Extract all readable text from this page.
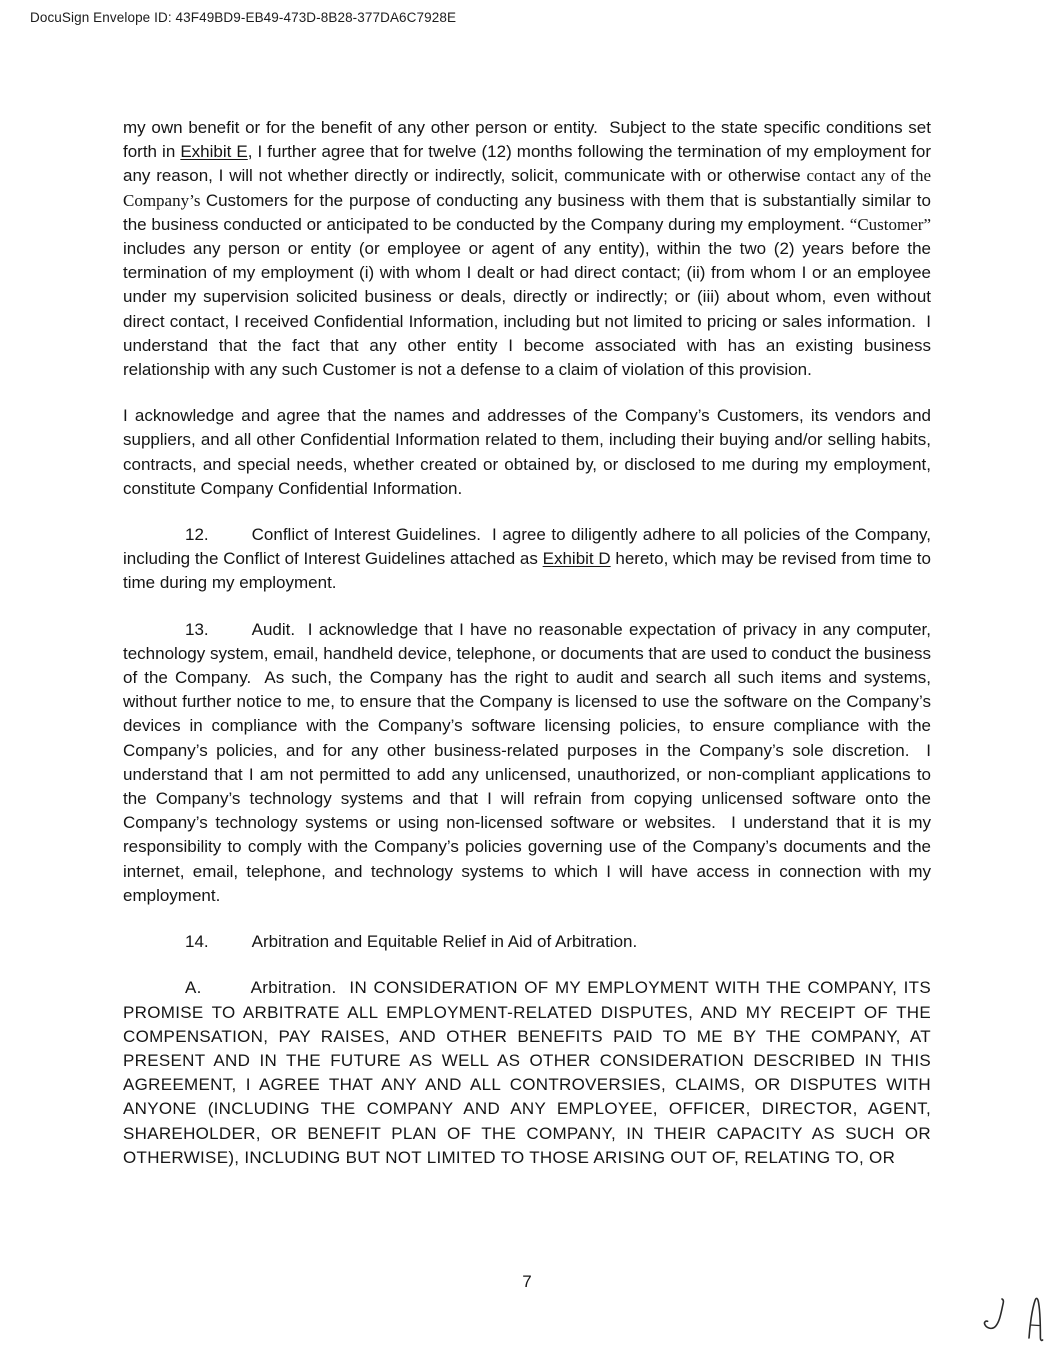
DocuSign Envelope ID: 43F49BD9-EB49-473D-8B28-377DA6C7928E

my own benefit or for the benefit of any other person or entity.  Subject to the state specific conditions set forth in Exhibit E, I further agree that for twelve (12) months following the termination of my employment for any reason, I will not whether directly or indirectly, solicit, communicate with or otherwise contact any of the Company’s Customers for the purpose of conducting any business with them that is substantially similar to the business conducted or anticipated to be conducted by the Company during my employment. “Customer” includes any person or entity (or employee or agent of any entity), within the two (2) years before the termination of my employment (i) with whom I dealt or had direct contact; (ii) from whom I or an employee under my supervision solicited business or deals, directly or indirectly; or (iii) about whom, even without direct contact, I received Confidential Information, including but not limited to pricing or sales information.  I understand that the fact that any other entity I become associated with has an existing business relationship with any such Customer is not a defense to a claim of violation of this provision.

I acknowledge and agree that the names and addresses of the Company’s Customers, its vendors and suppliers, and all other Confidential Information related to them, including their buying and/or selling habits, contracts, and special needs, whether created or obtained by, or disclosed to me during my employment, constitute Company Confidential Information.

12.	Conflict of Interest Guidelines.  I agree to diligently adhere to all policies of the Company, including the Conflict of Interest Guidelines attached as Exhibit D hereto, which may be revised from time to time during my employment.

13.	Audit.  I acknowledge that I have no reasonable expectation of privacy in any computer, technology system, email, handheld device, telephone, or documents that are used to conduct the business of the Company.  As such, the Company has the right to audit and search all such items and systems, without further notice to me, to ensure that the Company is licensed to use the software on the Company’s devices in compliance with the Company’s software licensing policies, to ensure compliance with the Company’s policies, and for any other business-related purposes in the Company’s sole discretion.  I understand that I am not permitted to add any unlicensed, unauthorized, or non-compliant applications to the Company’s technology systems and that I will refrain from copying unlicensed software onto the Company’s technology systems or using non-licensed software or websites.  I understand that it is my responsibility to comply with the Company’s policies governing use of the Company’s documents and the internet, email, telephone, and technology systems to which I will have access in connection with my employment.

14.	Arbitration and Equitable Relief in Aid of Arbitration.

A.	Arbitration.  IN CONSIDERATION OF MY EMPLOYMENT WITH THE COMPANY, ITS PROMISE TO ARBITRATE ALL EMPLOYMENT-RELATED DISPUTES, AND MY RECEIPT OF THE COMPENSATION, PAY RAISES, AND OTHER BENEFITS PAID TO ME BY THE COMPANY, AT PRESENT AND IN THE FUTURE AS WELL AS OTHER CONSIDERATION DESCRIBED IN THIS AGREEMENT, I AGREE THAT ANY AND ALL CONTROVERSIES, CLAIMS, OR DISPUTES WITH ANYONE (INCLUDING THE COMPANY AND ANY EMPLOYEE, OFFICER, DIRECTOR, AGENT, SHAREHOLDER, OR BENEFIT PLAN OF THE COMPANY, IN THEIR CAPACITY AS SUCH OR OTHERWISE), INCLUDING BUT NOT LIMITED TO THOSE ARISING OUT OF, RELATING TO, OR

7
